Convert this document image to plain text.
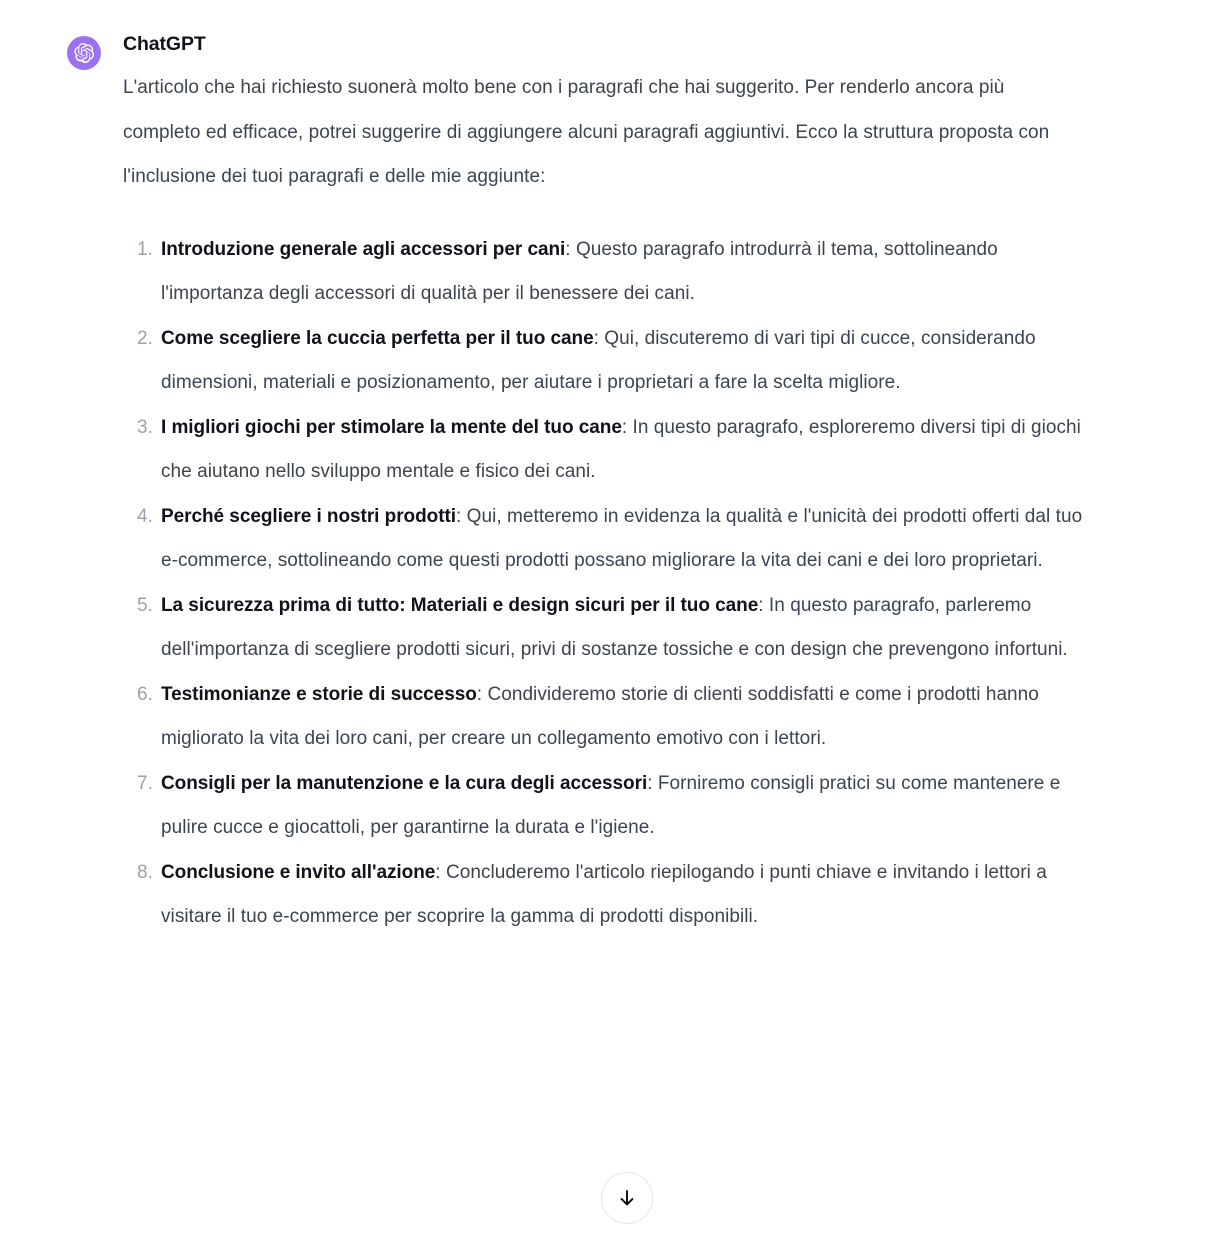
ChatGPT

L'articolo che hai richiesto suonerà molto bene con i paragrafi che hai suggerito. Per renderlo ancora più completo ed efficace, potrei suggerire di aggiungere alcuni paragrafi aggiuntivi. Ecco la struttura proposta con l'inclusione dei tuoi paragrafi e delle mie aggiunte:

1. Introduzione generale agli accessori per cani: Questo paragrafo introdurrà il tema, sottolineando l'importanza degli accessori di qualità per il benessere dei cani.
2. Come scegliere la cuccia perfetta per il tuo cane: Qui, discuteremo di vari tipi di cucce, considerando dimensioni, materiali e posizionamento, per aiutare i proprietari a fare la scelta migliore.
3. I migliori giochi per stimolare la mente del tuo cane: In questo paragrafo, esploreremo diversi tipi di giochi che aiutano nello sviluppo mentale e fisico dei cani.
4. Perché scegliere i nostri prodotti: Qui, metteremo in evidenza la qualità e l'unicità dei prodotti offerti dal tuo e-commerce, sottolineando come questi prodotti possano migliorare la vita dei cani e dei loro proprietari.
5. La sicurezza prima di tutto: Materiali e design sicuri per il tuo cane: In questo paragrafo, parleremo dell'importanza di scegliere prodotti sicuri, privi di sostanze tossiche e con design che prevengono infortuni.
6. Testimonianze e storie di successo: Condivideremo storie di clienti soddisfatti e come i prodotti hanno migliorato la vita dei loro cani, per creare un collegamento emotivo con i lettori.
7. Consigli per la manutenzione e la cura degli accessori: Forniremo consigli pratici su come mantenere e pulire cucce e giocattoli, per garantirne la durata e l'igiene.
8. Conclusione e invito all'azione: Concluderemo l'articolo riepilogando i punti chiave e invitando i lettori a visitare il tuo e-commerce per scoprire la gamma di prodotti disponibili.
